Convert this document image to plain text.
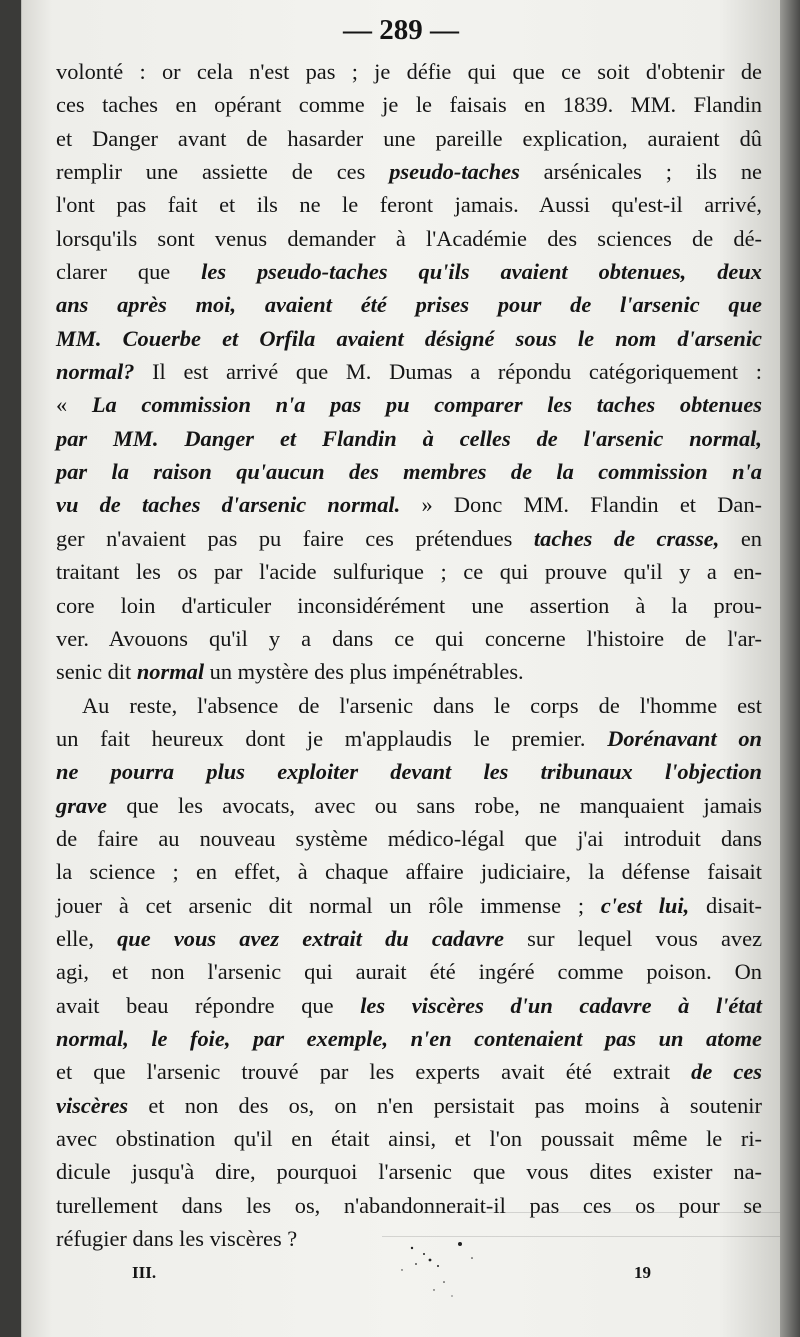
— 289 —
volonté : or cela n'est pas ; je défie qui que ce soit d'obtenir de
ces taches en opérant comme je le faisais en 1839. MM. Flandin
et Danger avant de hasarder une pareille explication, auraient dû
remplir une assiette de ces pseudo-taches arsénicales ; ils ne
l'ont pas fait et ils ne le feront jamais. Aussi qu'est-il arrivé,
lorsqu'ils sont venus demander à l'Académie des sciences de dé-
clarer que les pseudo-taches qu'ils avaient obtenues, deux
ans après moi, avaient été prises pour de l'arsenic que
MM. Couerbe et Orfila avaient désigné sous le nom d'arsenic
normal? Il est arrivé que M. Dumas a répondu catégoriquement :
« La commission n'a pas pu comparer les taches obtenues
par MM. Danger et Flandin à celles de l'arsenic normal,
par la raison qu'aucun des membres de la commission n'a
vu de taches d'arsenic normal. » Donc MM. Flandin et Dan-
ger n'avaient pas pu faire ces prétendues taches de crasse, en
traitant les os par l'acide sulfurique ; ce qui prouve qu'il y a en-
core loin d'articuler inconsidérément une assertion à la prou-
ver. Avouons qu'il y a dans ce qui concerne l'histoire de l'ar-
senic dit normal un mystère des plus impénétrables.
Au reste, l'absence de l'arsenic dans le corps de l'homme est
un fait heureux dont je m'applaudis le premier. Dorénavant on
ne pourra plus exploiter devant les tribunaux l'objection
grave que les avocats, avec ou sans robe, ne manquaient jamais
de faire au nouveau système médico-légal que j'ai introduit dans
la science ; en effet, à chaque affaire judiciaire, la défense faisait
jouer à cet arsenic dit normal un rôle immense ; c'est lui, disait-
elle, que vous avez extrait du cadavre sur lequel vous avez
agi, et non l'arsenic qui aurait été ingéré comme poison. On
avait beau répondre que les viscères d'un cadavre à l'état
normal, le foie, par exemple, n'en contenaient pas un atome
et que l'arsenic trouvé par les experts avait été extrait de ces
viscères et non des os, on n'en persistait pas moins à soutenir
avec obstination qu'il en était ainsi, et l'on poussait même le ri-
dicule jusqu'à dire, pourquoi l'arsenic que vous dites exister na-
turellement dans les os, n'abandonnerait-il pas ces os pour se
réfugier dans les viscères ?
III.	19
